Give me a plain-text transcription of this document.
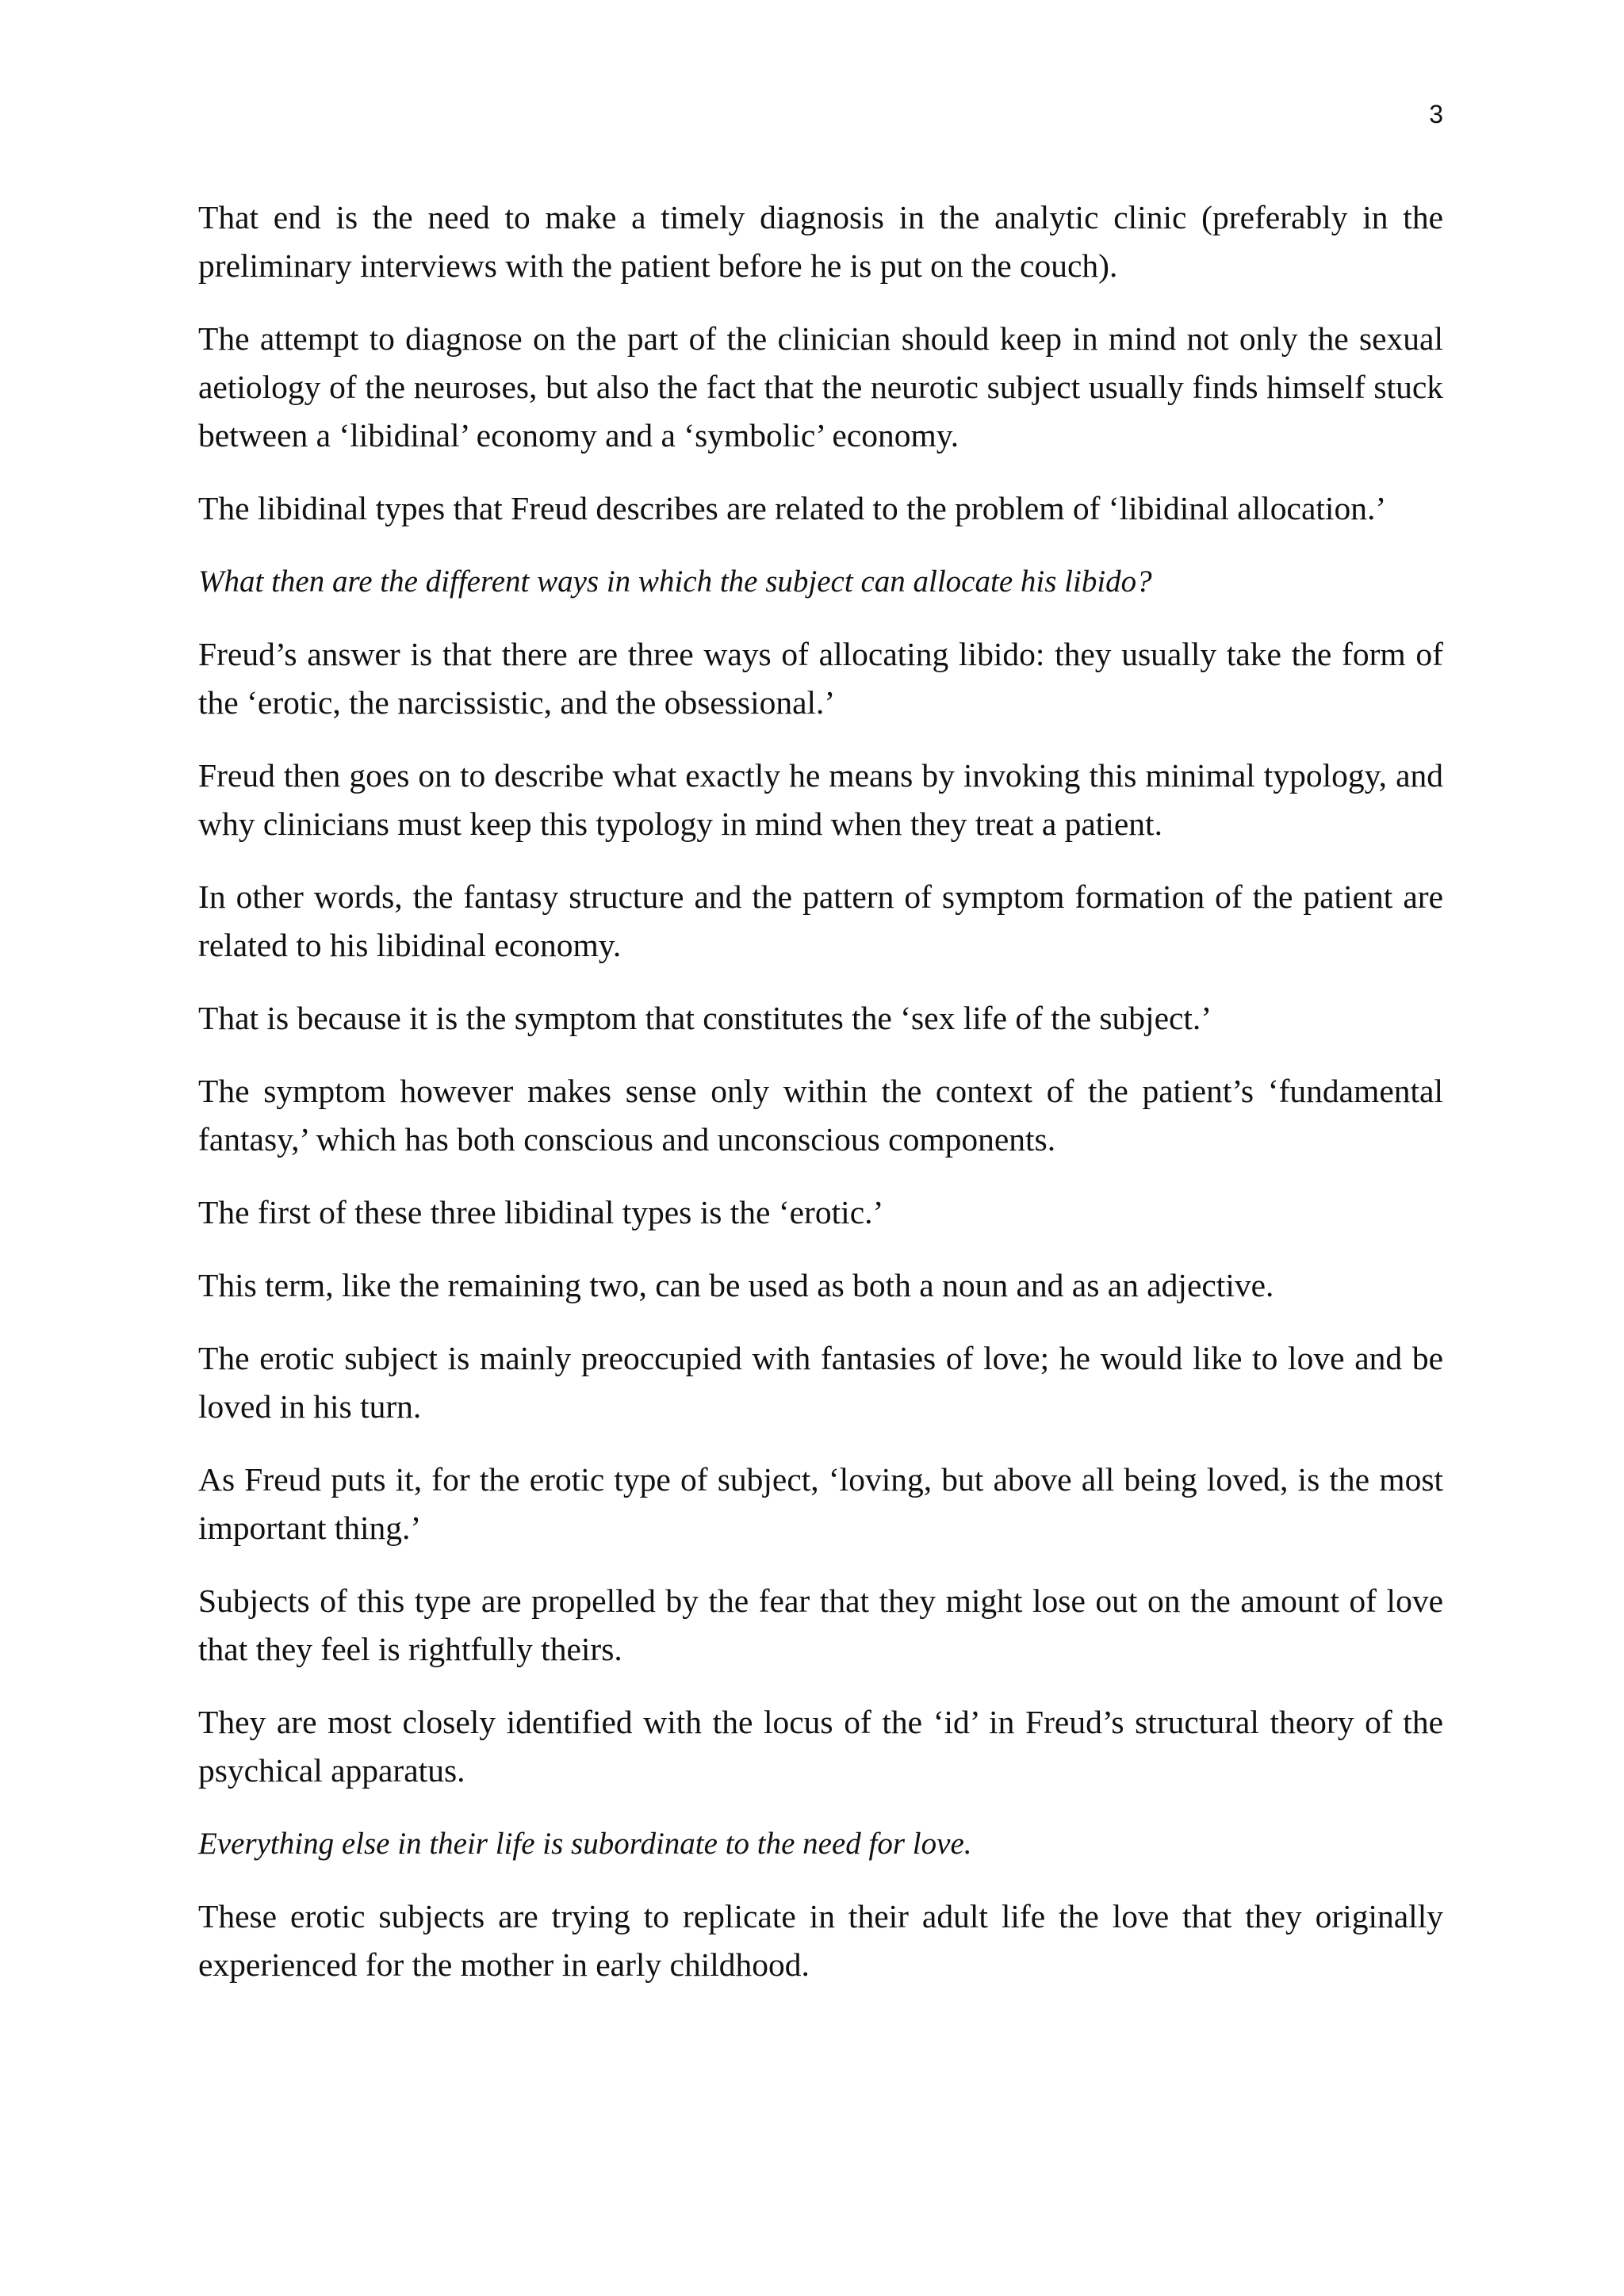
3

That end is the need to make a timely diagnosis in the analytic clinic (preferably in the preliminary interviews with the patient before he is put on the couch).

The attempt to diagnose on the part of the clinician should keep in mind not only the sexual aetiology of the neuroses, but also the fact that the neurotic subject usually finds himself stuck between a ‘libidinal’ economy and a ‘symbolic’ economy.

The libidinal types that Freud describes are related to the problem of ‘libidinal allocation.’

What then are the different ways in which the subject can allocate his libido?

Freud’s answer is that there are three ways of allocating libido: they usually take the form of the ‘erotic, the narcissistic, and the obsessional.’

Freud then goes on to describe what exactly he means by invoking this minimal typology, and why clinicians must keep this typology in mind when they treat a patient.

In other words, the fantasy structure and the pattern of symptom formation of the patient are related to his libidinal economy.

That is because it is the symptom that constitutes the ‘sex life of the subject.’

The symptom however makes sense only within the context of the patient’s ‘fundamental fantasy,’ which has both conscious and unconscious components.

The first of these three libidinal types is the ‘erotic.’

This term, like the remaining two, can be used as both a noun and as an adjective.

The erotic subject is mainly preoccupied with fantasies of love; he would like to love and be loved in his turn.

As Freud puts it, for the erotic type of subject, ‘loving, but above all being loved, is the most important thing.’

Subjects of this type are propelled by the fear that they might lose out on the amount of love that they feel is rightfully theirs.

They are most closely identified with the locus of the ‘id’ in Freud’s structural theory of the psychical apparatus.

Everything else in their life is subordinate to the need for love.

These erotic subjects are trying to replicate in their adult life the love that they originally experienced for the mother in early childhood.
